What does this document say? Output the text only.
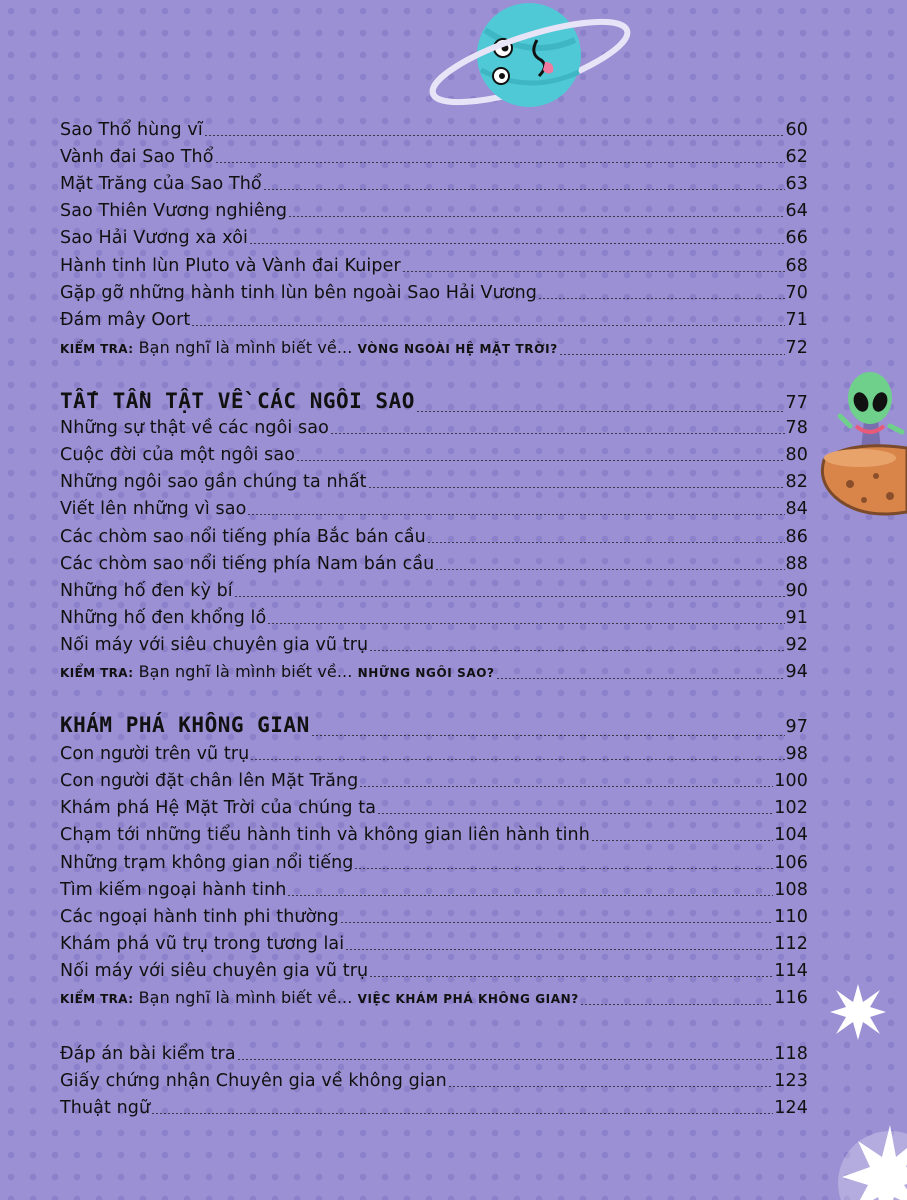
Sao Thổ hùng vĩ	60
Vành đai Sao Thổ	62
Mặt Trăng của Sao Thổ	63
Sao Thiên Vương nghiêng	64
Sao Hải Vương xa xôi	66
Hành tinh lùn Pluto và Vành đai Kuiper	68
Gặp gỡ những hành tinh lùn bên ngoài Sao Hải Vương	70
Đám mây Oort	71
KIỂM TRA: Bạn nghĩ là mình biết về... VÒNG NGOÀI HỆ MẶT TRỜI?	72
TẤT TẦN TẬT VỀ CÁC NGÔI SAO	77
Những sự thật về các ngôi sao	78
Cuộc đời của một ngôi sao	80
Những ngôi sao gần chúng ta nhất	82
Viết lên những vì sao	84
Các chòm sao nổi tiếng phía Bắc bán cầu	86
Các chòm sao nổi tiếng phía Nam bán cầu	88
Những hố đen kỳ bí	90
Những hố đen khổng lồ	91
Nối máy với siêu chuyên gia vũ trụ	92
KIỂM TRA: Bạn nghĩ là mình biết về... NHỮNG NGÔI SAO?	94
KHÁM PHÁ KHÔNG GIAN	97
Con người trên vũ trụ	98
Con người đặt chân lên Mặt Trăng	100
Khám phá Hệ Mặt Trời của chúng ta	102
Chạm tới những tiểu hành tinh và không gian liên hành tinh	104
Những trạm không gian nổi tiếng	106
Tìm kiếm ngoại hành tinh	108
Các ngoại hành tinh phi thường	110
Khám phá vũ trụ trong tương lai	112
Nối máy với siêu chuyên gia vũ trụ	114
KIỂM TRA: Bạn nghĩ là mình biết về... VIỆC KHÁM PHÁ KHÔNG GIAN?	116
Đáp án bài kiểm tra	118
Giấy chứng nhận Chuyên gia về không gian	123
Thuật ngữ	124
